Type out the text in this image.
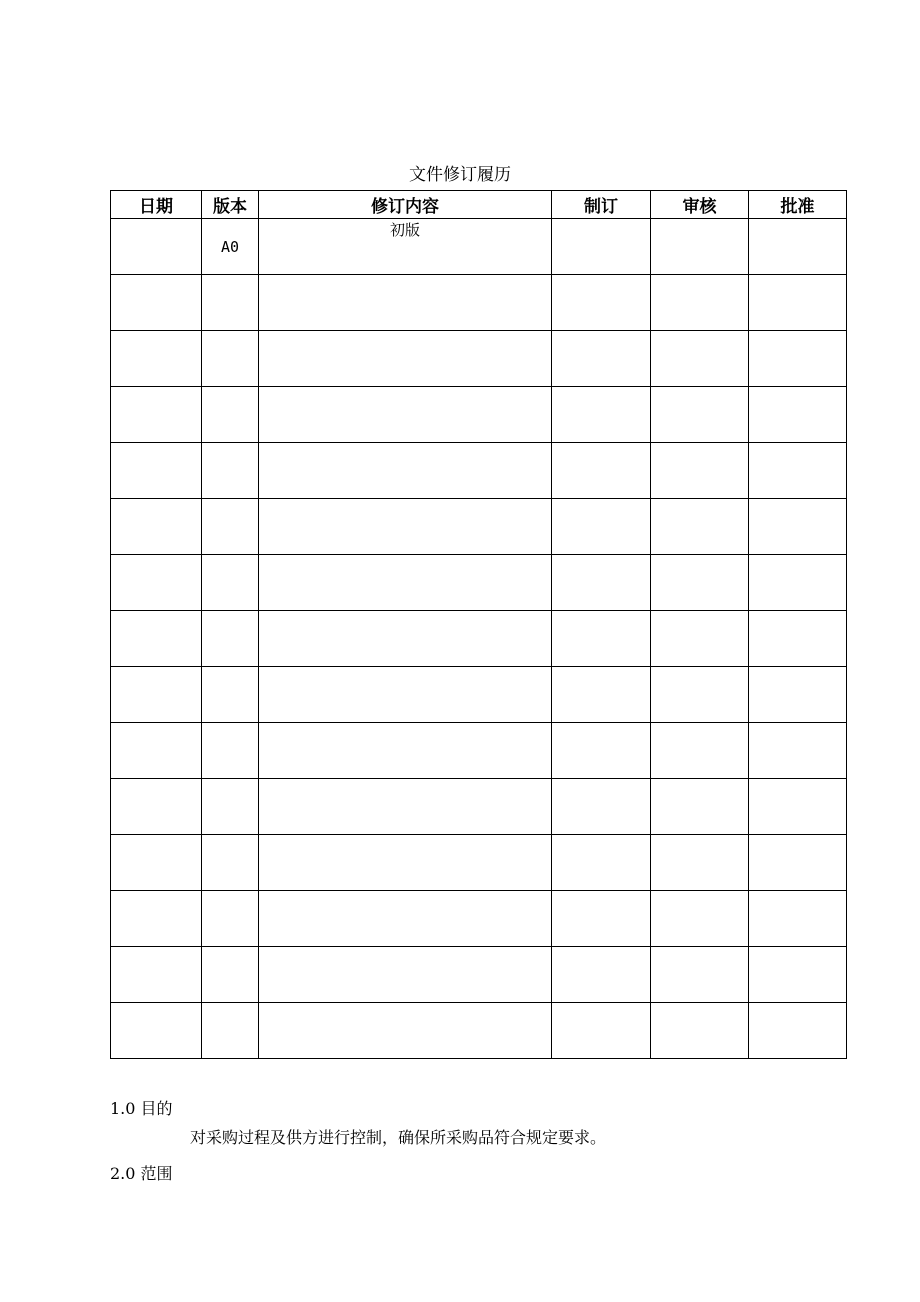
文件修订履历
日期	版本	修订内容	制订	审核	批准
	A0	初版			

1.0 目的
对采购过程及供方进行控制，确保所采购品符合规定要求。
2.0 范围
